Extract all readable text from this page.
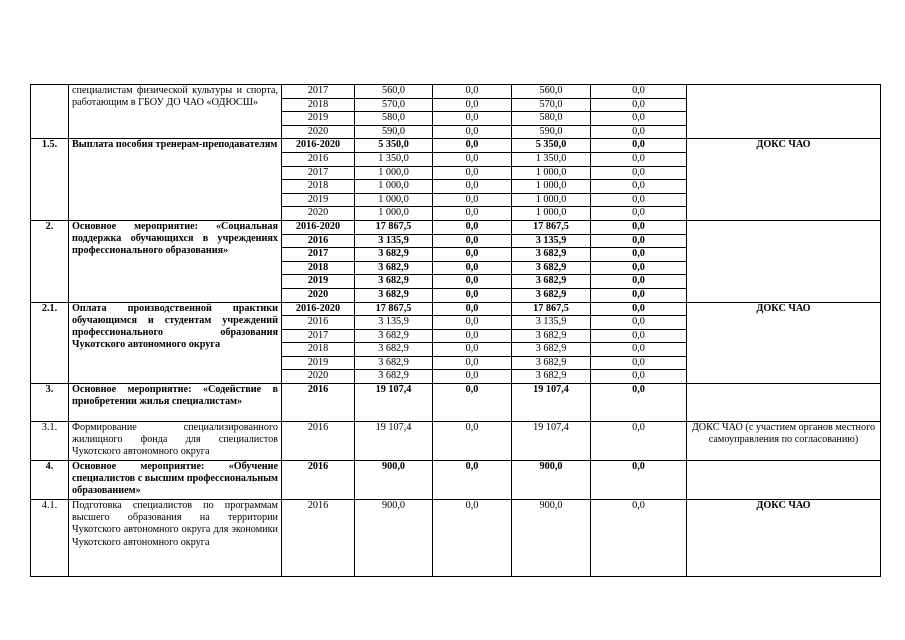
	специалистам физической культуры и спорта, работающим в ГБОУ ДО ЧАО «ОДЮСШ»	2017	560,0	0,0	560,0	0,0	
		2018	570,0	0,0	570,0	0,0	
		2019	580,0	0,0	580,0	0,0	
		2020	590,0	0,0	590,0	0,0	
1.5.	Выплата пособия тренерам-преподавателям	2016-2020	5 350,0	0,0	5 350,0	0,0	ДОКС ЧАО
		2016	1 350,0	0,0	1 350,0	0,0	
		2017	1 000,0	0,0	1 000,0	0,0	
		2018	1 000,0	0,0	1 000,0	0,0	
		2019	1 000,0	0,0	1 000,0	0,0	
		2020	1 000,0	0,0	1 000,0	0,0	
2.	Основное мероприятие: «Социальная поддержка обучающихся в учреждениях профессионального образования»	2016-2020	17 867,5	0,0	17 867,5	0,0	
		2016	3 135,9	0,0	3 135,9	0,0	
		2017	3 682,9	0,0	3 682,9	0,0	
		2018	3 682,9	0,0	3 682,9	0,0	
		2019	3 682,9	0,0	3 682,9	0,0	
		2020	3 682,9	0,0	3 682,9	0,0	
2.1.	Оплата производственной практики обучающимся и студентам учреждений профессионального образования Чукотского автономного округа	2016-2020	17 867,5	0,0	17 867,5	0,0	ДОКС ЧАО
		2016	3 135,9	0,0	3 135,9	0,0	
		2017	3 682,9	0,0	3 682,9	0,0	
		2018	3 682,9	0,0	3 682,9	0,0	
		2019	3 682,9	0,0	3 682,9	0,0	
		2020	3 682,9	0,0	3 682,9	0,0	
3.	Основное мероприятие: «Содействие в приобретении жилья специалистам»	2016	19 107,4	0,0	19 107,4	0,0	
3.1.	Формирование специализированного жилищного фонда для специалистов Чукотского автономного округа	2016	19 107,4	0,0	19 107,4	0,0	ДОКС ЧАО (с участием органов местного самоуправления по согласованию)
4.	Основное мероприятие: «Обучение специалистов с высшим профессиональным образованием»	2016	900,0	0,0	900,0	0,0	
4.1.	Подготовка специалистов по программам высшего образования на территории Чукотского автономного округа для экономики Чукотского автономного округа	2016	900,0	0,0	900,0	0,0	ДОКС ЧАО
